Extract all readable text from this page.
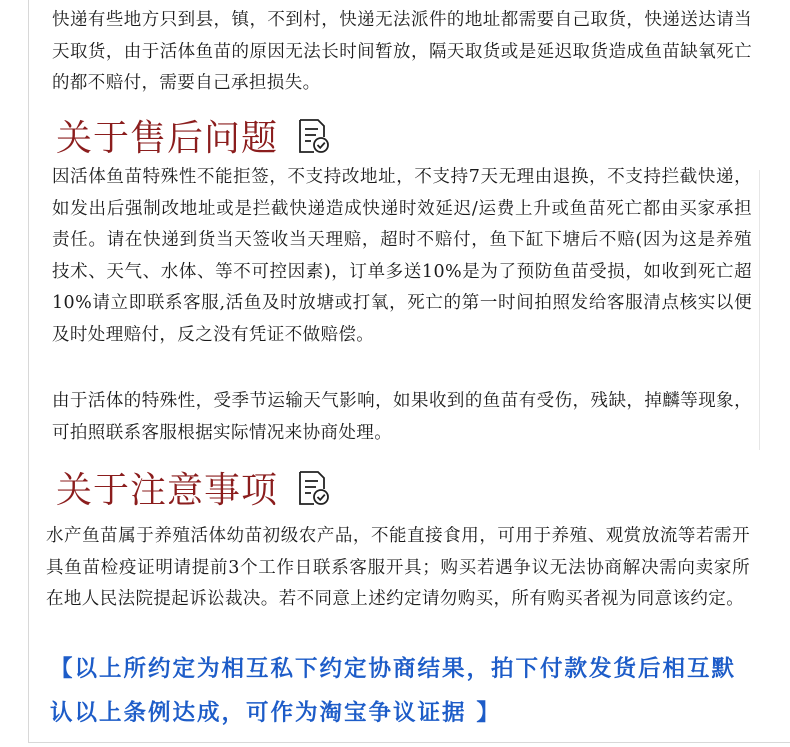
快递有些地方只到县，镇，不到村，快递无法派件的地址都需要自己取货，快递送达请当天取货，由于活体鱼苗的原因无法长时间暂放，隔天取货或是延迟取货造成鱼苗缺氧死亡的都不赔付，需要自己承担损失。
关于售后问题
因活体鱼苗特殊性不能拒签，不支持改地址，不支持7天无理由退换，不支持拦截快递，如发出后强制改地址或是拦截快递造成快递时效延迟/运费上升或鱼苗死亡都由买家承担责任。请在快递到货当天签收当天理赔，超时不赔付，鱼下缸下塘后不赔(因为这是养殖技术、天气、水体、等不可控因素)，订单多送10%是为了预防鱼苗受损，如收到死亡超10%请立即联系客服,活鱼及时放塘或打氧，死亡的第一时间拍照发给客服清点核实以便及时处理赔付，反之没有凭证不做赔偿。
由于活体的特殊性，受季节运输天气影响，如果收到的鱼苗有受伤，残缺，掉麟等现象，可拍照联系客服根据实际情况来协商处理。
关于注意事项
水产鱼苗属于养殖活体幼苗初级农产品，不能直接食用，可用于养殖、观赏放流等若需开具鱼苗检疫证明请提前3个工作日联系客服开具；购买若遇争议无法协商解决需向卖家所在地人民法院提起诉讼裁决。若不同意上述约定请勿购买，所有购买者视为同意该约定。
【以上所约定为相互私下约定协商结果，拍下付款发货后相互默认以上条例达成，可作为淘宝争议证据 】
